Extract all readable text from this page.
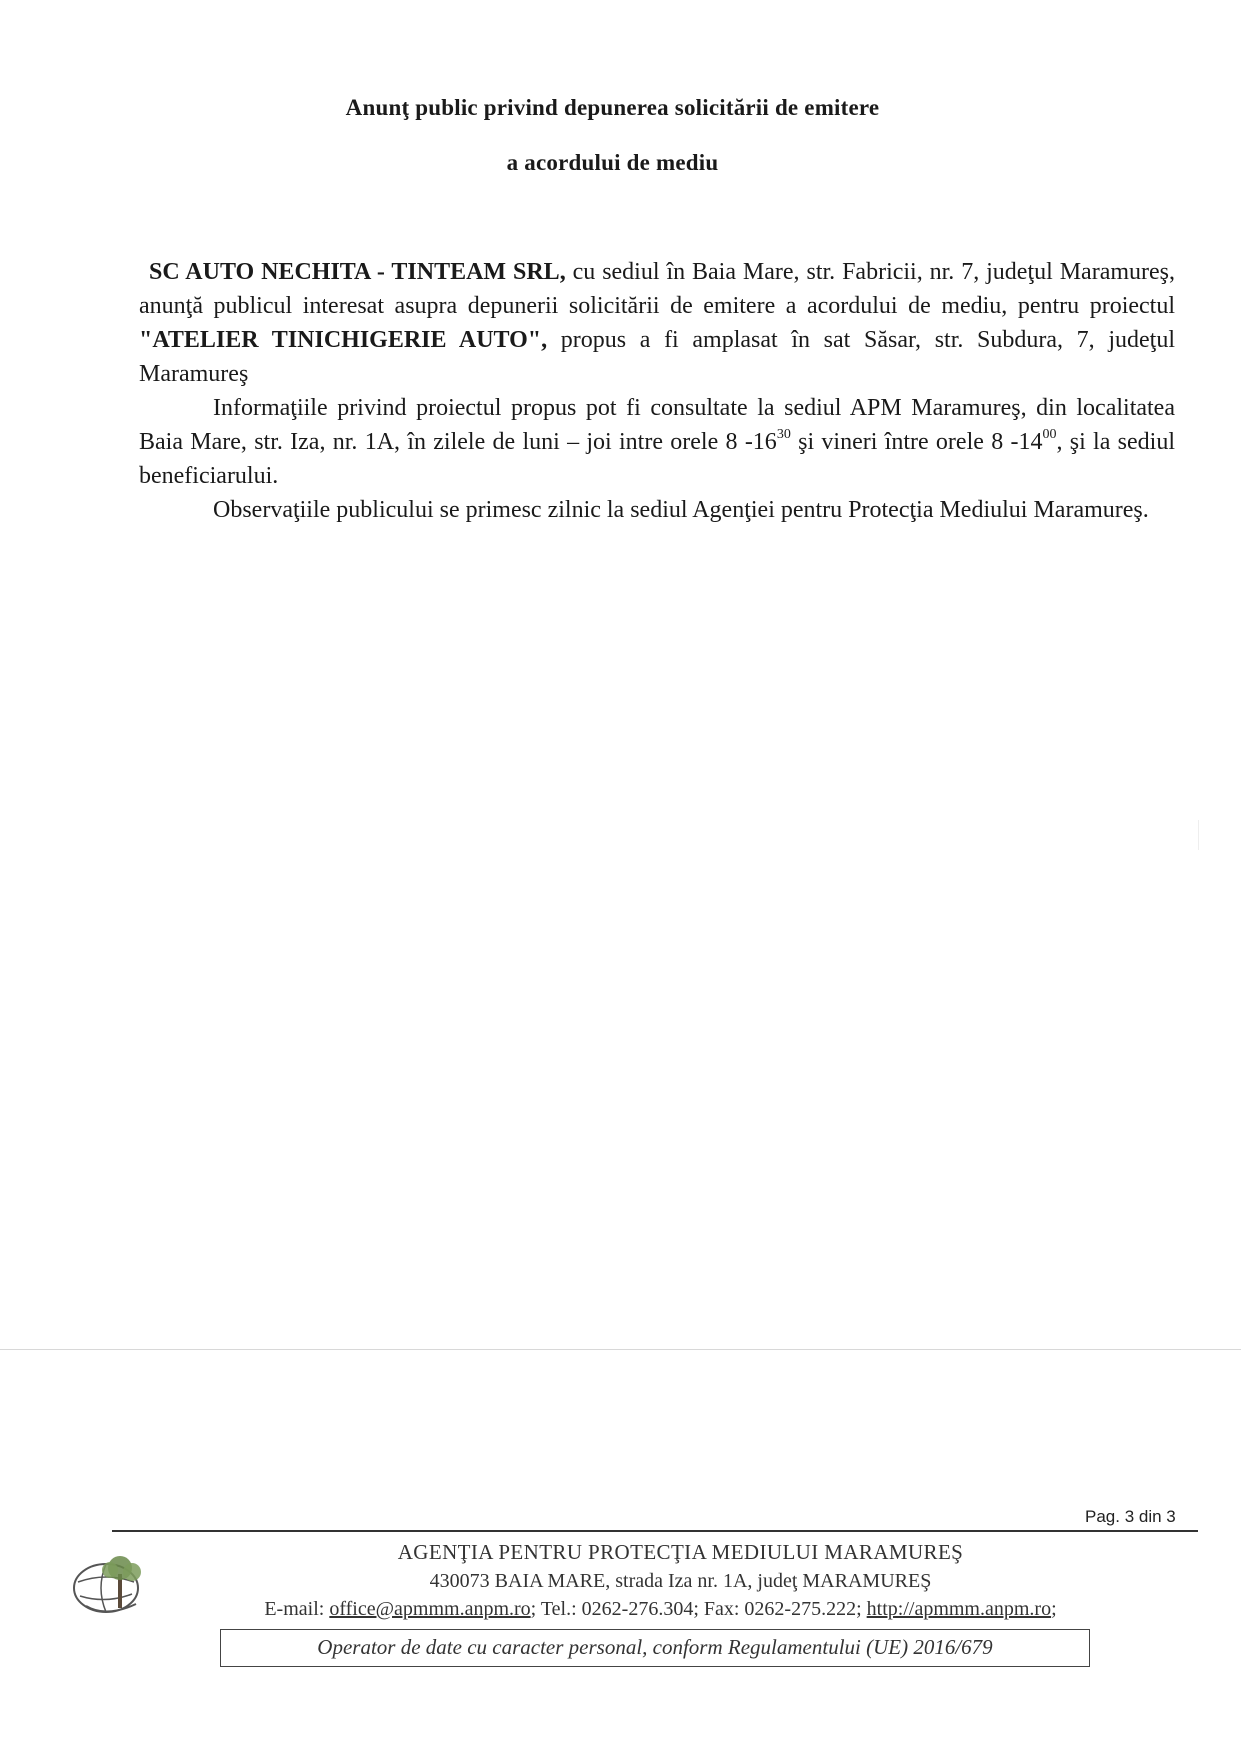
Anunţ public privind depunerea solicitării de emitere
a acordului de mediu

SC AUTO NECHITA - TINTEAM SRL, cu sediul în Baia Mare, str. Fabricii, nr. 7, judeţul Maramureş, anunţă publicul interesat asupra depunerii solicitării de emitere a acordului de mediu, pentru proiectul "ATELIER TINICHIGERIE AUTO", propus a fi amplasat în sat Săsar, str. Subdura, 7, judeţul Maramureş

Informaţiile privind proiectul propus pot fi consultate la sediul APM Maramureş, din localitatea Baia Mare, str. Iza, nr. 1A, în zilele de luni – joi intre orele 8 $-16^{30}$ şi vineri între orele 8 $-14^{00}$, şi la sediul beneficiarului.

Observaţiile publicului se primesc zilnic la sediul Agenţiei pentru Protecţia Mediului Maramureş.

Pag. 3 din 3
AGENŢIA PENTRU PROTECŢIA MEDIULUI MARAMUREŞ
430073 BAIA MARE, strada Iza nr. 1A, judeţ MARAMUREŞ
E-mail: office@apmmm.anpm.ro; Tel.: 0262-276.304; Fax: 0262-275.222; http://apmmm.anpm.ro;
Operator de date cu caracter personal, conform Regulamentului (UE) 2016/679
